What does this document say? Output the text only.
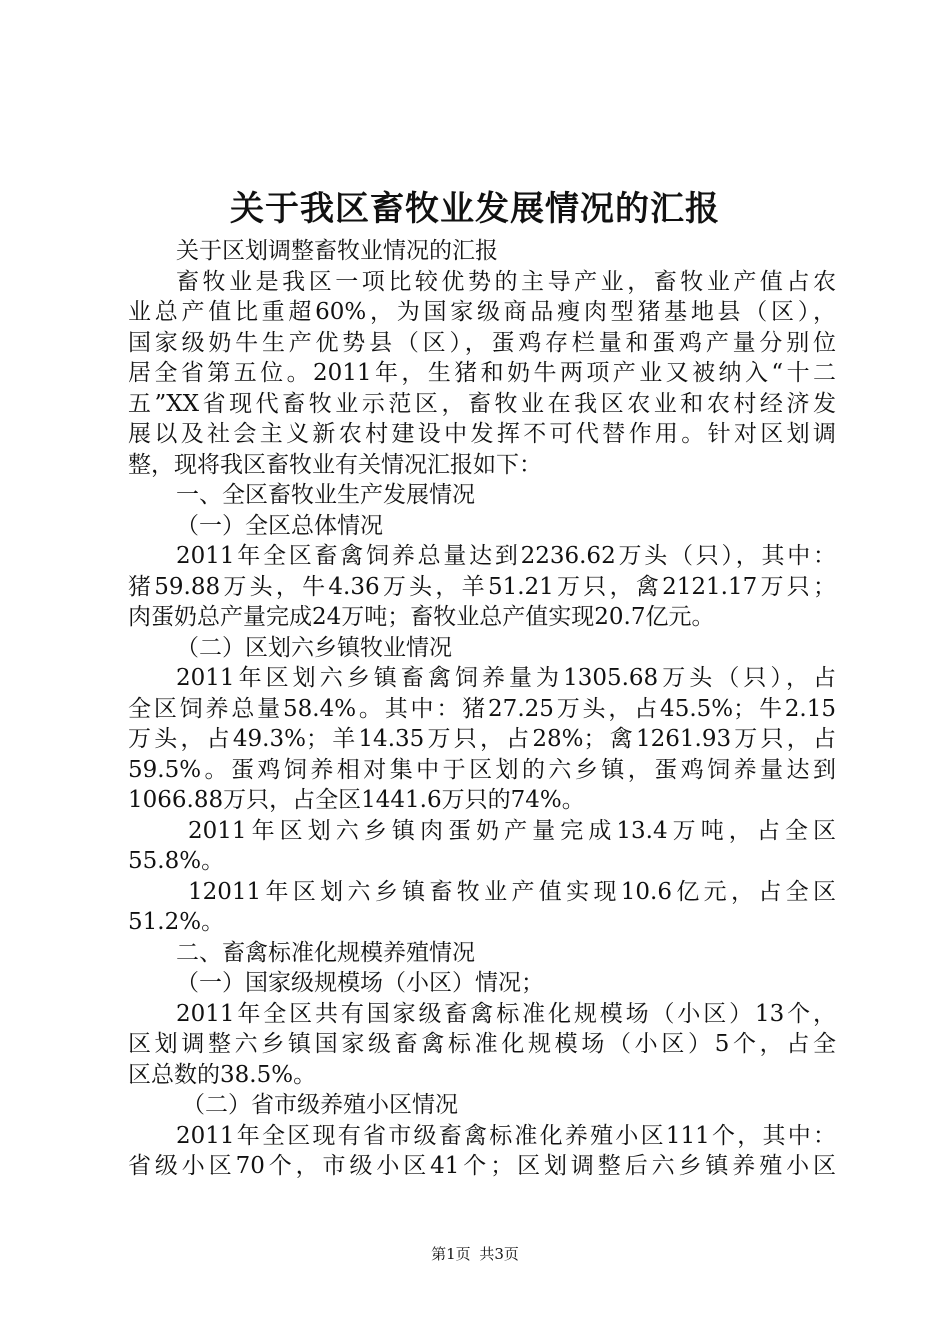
关于我区畜牧业发展情况的汇报
关于区划调整畜牧业情况的汇报
畜牧业是我区一项比较优势的主导产业，畜牧业产值占农
业总产值比重超60%，为国家级商品瘦肉型猪基地县（区），
国家级奶牛生产优势县（区），蛋鸡存栏量和蛋鸡产量分别位
居全省第五位。2011年，生猪和奶牛两项产业又被纳入“十二
五”XX省现代畜牧业示范区，畜牧业在我区农业和农村经济发
展以及社会主义新农村建设中发挥不可代替作用。针对区划调
整，现将我区畜牧业有关情况汇报如下：
一、全区畜牧业生产发展情况
（一）全区总体情况
2011年全区畜禽饲养总量达到2236.62万头（只），其中：
猪59.88万头，牛4.36万头，羊51.21万只，禽2121.17万只；
肉蛋奶总产量完成24万吨；畜牧业总产值实现20.7亿元。
（二）区划六乡镇牧业情况
2011年区划六乡镇畜禽饲养量为1305.68万头（只），占
全区饲养总量58.4%。其中：猪27.25万头，占45.5%；牛2.15
万头，占49.3%；羊14.35万只，占28%；禽1261.93万只，占
59.5%。蛋鸡饲养相对集中于区划的六乡镇，蛋鸡饲养量达到
1066.88万只，占全区1441.6万只的74%。
2011年区划六乡镇肉蛋奶产量完成13.4万吨，占全区
55.8%。
12011年区划六乡镇畜牧业产值实现10.6亿元，占全区
51.2%。
二、畜禽标准化规模养殖情况
（一）国家级规模场（小区）情况；
2011年全区共有国家级畜禽标准化规模场（小区）13个，
区划调整六乡镇国家级畜禽标准化规模场（小区）5个，占全
区总数的38.5%。
（二）省市级养殖小区情况
2011年全区现有省市级畜禽标准化养殖小区111个，其中：
省级小区70个，市级小区41个；区划调整后六乡镇养殖小区
第1页 共3页
